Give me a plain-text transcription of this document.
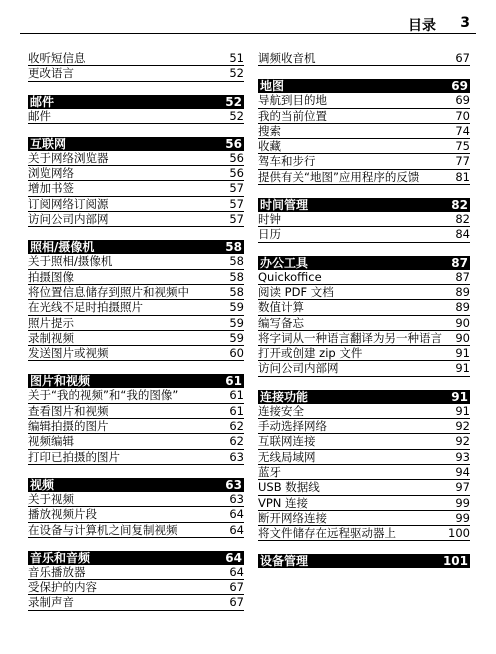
目录 3
收听短信息	51
更改语言	52
邮件	52
邮件	52
互联网	56
关于网络浏览器	56
浏览网络	56
增加书签	57
订阅网络订阅源	57
访问公司内部网	57
照相/摄像机	58
关于照相/摄像机	58
拍摄图像	58
将位置信息储存到照片和视频中	58
在光线不足时拍摄照片	59
照片提示	59
录制视频	59
发送图片或视频	60
图片和视频	61
关于“我的视频”和“我的图像”	61
查看图片和视频	61
编辑拍摄的图片	62
视频编辑	62
打印已拍摄的图片	63
视频	63
关于视频	63
播放视频片段	64
在设备与计算机之间复制视频	64
音乐和音频	64
音乐播放器	64
受保护的内容	67
录制声音	67
调频收音机	67
地图	69
导航到目的地	69
我的当前位置	70
搜索	74
收藏	75
驾车和步行	77
提供有关“地图”应用程序的反馈	81
时间管理	82
时钟	82
日历	84
办公工具	87
Quickoffice	87
阅读 PDF 文档	89
数值计算	89
编写备忘	90
将字词从一种语言翻译为另一种语言	90
打开或创建 zip 文件	91
访问公司内部网	91
连接功能	91
连接安全	91
手动选择网络	92
互联网连接	92
无线局域网	93
蓝牙	94
USB 数据线	97
VPN 连接	99
断开网络连接	99
将文件储存在远程驱动器上	100
设备管理	101
